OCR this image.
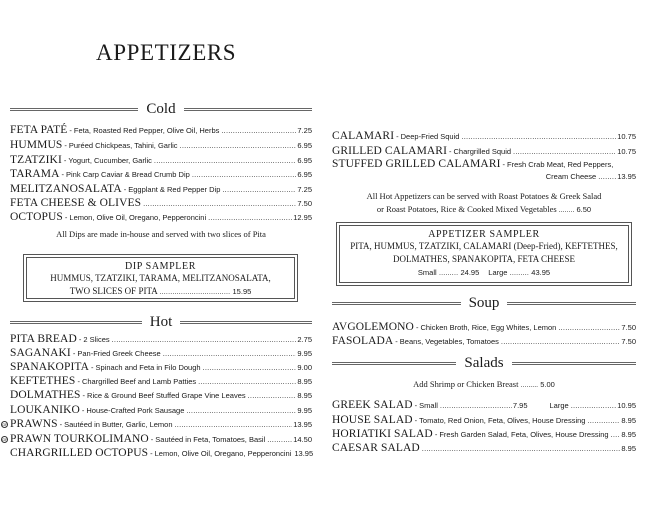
APPETIZERS
Cold
FETA PATÉ - Feta, Roasted Red Pepper, Olive Oil, Herbs .....	7.25
HUMMUS - Puréed Chickpeas, Tahini, Garlic .....	6.95
TZATZIKI - Yogurt, Cucumber, Garlic .....	6.95
TARAMA - Pink Carp Caviar & Bread Crumb Dip .....	6.95
MELITZANOSALATA - Eggplant & Red Pepper Dip .....	7.25
FETA CHEESE & OLIVES .....	7.50
OCTOPUS - Lemon, Olive Oil, Oregano, Pepperoncini .....	12.95
All Dips are made in-house and served with two slices of Pita
DIP SAMPLER
HUMMUS, TZATZIKI, TARAMA, MELITZANOSALATA,
TWO SLICES OF PITA ................................. 15.95
Hot
PITA BREAD - 2 Slices .....	2.75
SAGANAKI - Pan-Fried Greek Cheese .....	9.95
SPANAKOPITA - Spinach and Feta in Filo Dough .....	9.00
KEFTETHES - Chargrilled Beef and Lamb Patties .....	8.95
DOLMATHES - Rice & Ground Beef Stuffed Grape Vine Leaves .....	8.95
LOUKANIKO - House-Crafted Pork Sausage .....	9.95
GF PRAWNS - Sautéed in Butter, Garlic, Lemon .....	13.95
GF PRAWN TOURKOLIMANO - Sautéed in Feta, Tomatoes, Basil .....	14.50
CHARGRILLED OCTOPUS - Lemon, Olive Oil, Oregano, Pepperoncini 13.95
CALAMARI - Deep-Fried Squid .....	10.75
GRILLED CALAMARI - Chargrilled Squid .....	10.75
STUFFED GRILLED CALAMARI - Fresh Crab Meat, Red Peppers,
Cream Cheese .....	13.95
All Hot Appetizers can be served with Roast Potatoes & Greek Salad
or Roast Potatoes, Rice & Cooked Mixed Vegetables ........ 6.50
APPETIZER SAMPLER
PITA, HUMMUS, TZATZIKI, CALAMARI (Deep-Fried), KEFTETHES,
DOLMATHES, SPANAKOPITA, FETA CHEESE
Small ......... 24.95 Large ......... 43.95
Soup
AVGOLEMONO - Chicken Broth, Rice, Egg Whites, Lemon .....	7.50
FASOLADA - Beans, Vegetables, Tomatoes .....	7.50
Salads
Add Shrimp or Chicken Breast ......... 5.00
GREEK SALAD - Small .....	7.95	Large .....	10.95
HOUSE SALAD - Tomato, Red Onion, Feta, Olives, House Dressing .....	8.95
HORIATIKI SALAD - Fresh Garden Salad, Feta, Olives, House Dressing ..... 8.95
CAESAR SALAD .....	8.95
